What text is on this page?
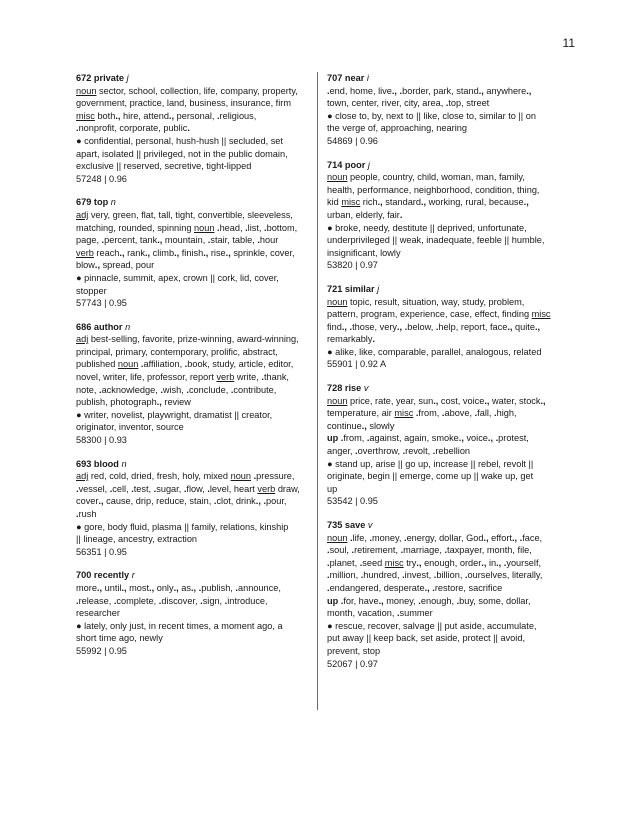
11
672 private j
noun sector, school, collection, life, company, property,
government, practice, land, business, insurance, firm
misc both., hire, attend., personal, .religious,
.nonprofit, corporate, public.
● confidential, personal, hush-hush || secluded, set
apart, isolated || privileged, not in the public domain,
exclusive || reserved, secretive, tight-lipped
57248 | 0.96
679 top n
adj very, green, flat, tall, tight, convertible, sleeveless,
matching, rounded, spinning noun .head, .list, .bottom,
page, .percent, tank., mountain, .stair, table, .hour
verb reach., rank., climb., finish., rise., sprinkle, cover,
blow., spread, pour
● pinnacle, summit, apex, crown || cork, lid, cover,
stopper
57743 | 0.95
686 author n
adj best-selling, favorite, prize-winning, award-winning,
principal, primary, contemporary, prolific, abstract,
published noun .affiliation, .book, study, article, editor,
novel, writer, life, professor, report verb write, .thank,
note, .acknowledge, .wish, .conclude, .contribute,
publish, photograph., review
● writer, novelist, playwright, dramatist || creator,
originator, inventor, source
58300 | 0.93
693 blood n
adj red, cold, dried, fresh, holy, mixed noun .pressure,
.vessel, .cell, .test, .sugar, .flow, .level, heart verb draw,
cover., cause, drip, reduce, stain, .clot, drink., .pour,
.rush
● gore, body fluid, plasma || family, relations, kinship
|| lineage, ancestry, extraction
56351 | 0.95
700 recently r
more., until., most., only., as., .publish, .announce,
.release, .complete, .discover, .sign, .introduce,
researcher
● lately, only just, in recent times, a moment ago, a
short time ago, newly
55992 | 0.95
707 near i
.end, home, live., .border, park, stand., anywhere.,
town, center, river, city, area, .top, street
● close to, by, next to || like, close to, similar to || on
the verge of, approaching, nearing
54869 | 0.96
714 poor j
noun people, country, child, woman, man, family,
health, performance, neighborhood, condition, thing,
kid misc rich., standard., working, rural, because.,
urban, elderly, fair.
● broke, needy, destitute || deprived, unfortunate,
underprivileged || weak, inadequate, feeble || humble,
insignificant, lowly
53820 | 0.97
721 similar j
noun topic, result, situation, way, study, problem,
pattern, program, experience, case, effect, finding misc
find., .those, very., .below, .help, report, face., quite.,
remarkably.
● alike, like, comparable, parallel, analogous, related
55901 | 0.92 A
728 rise v
noun price, rate, year, sun., cost, voice., water, stock.,
temperature, air misc .from, .above, .fall, .high,
continue., slowly
up .from, .against, again, smoke., voice., .protest,
anger, .overthrow, .revolt, .rebellion
● stand up, arise || go up, increase || rebel, revolt ||
originate, begin || emerge, come up || wake up, get
up
53542 | 0.95
735 save v
noun .life, .money, .energy, dollar, God., effort., .face,
.soul, .retirement, .marriage, .taxpayer, month, file,
.planet, .seed misc try., enough, order., in., .yourself,
.million, .hundred, .invest, .billion, .ourselves, literally,
.endangered, desperate., .restore, sacrifice
up .for, have., money, .enough, .buy, some, dollar,
month, vacation, .summer
● rescue, recover, salvage || put aside, accumulate,
put away || keep back, set aside, protect || avoid,
prevent, stop
52067 | 0.97
